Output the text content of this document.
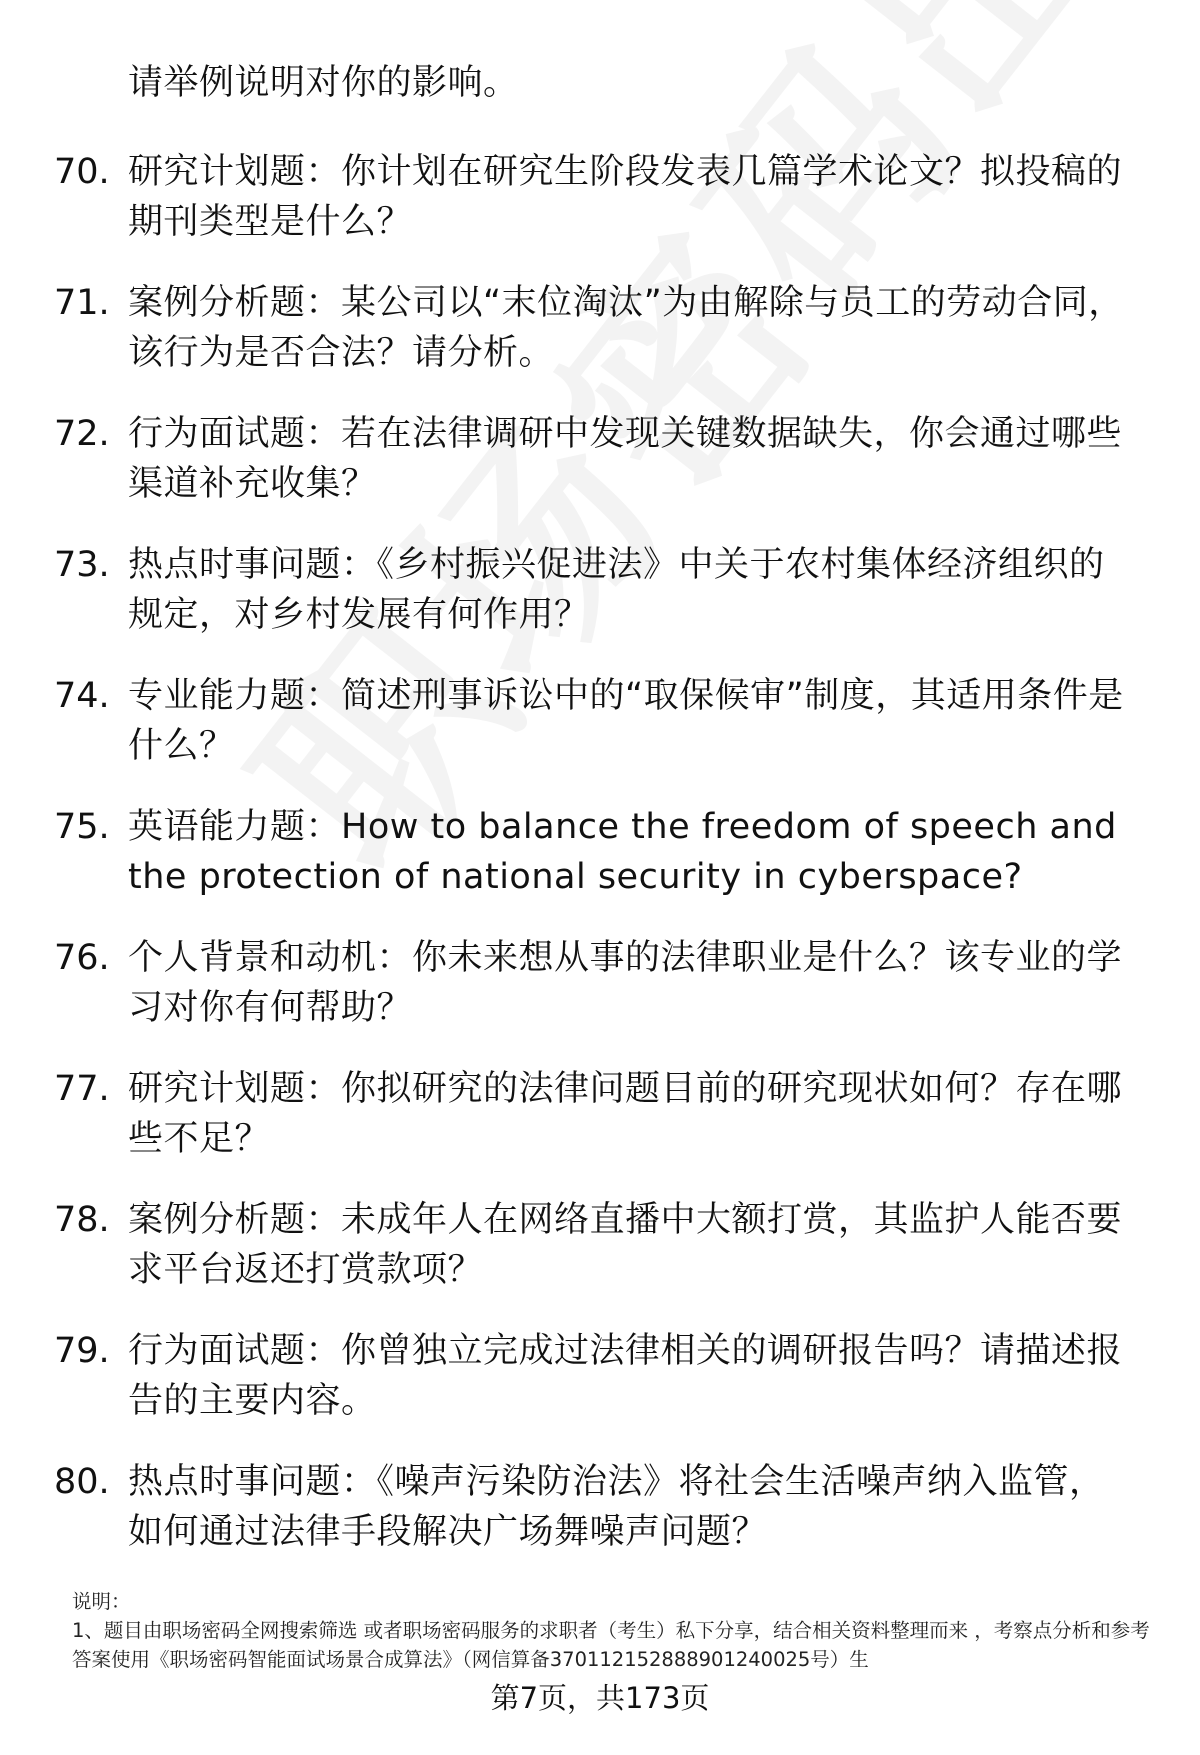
请举例说明对你的影响。
70. 研究计划题：你计划在研究生阶段发表几篇学术论文？拟投稿的期刊类型是什么？
71. 案例分析题：某公司以“末位淘汰”为由解除与员工的劳动合同，该行为是否合法？请分析。
72. 行为面试题：若在法律调研中发现关键数据缺失，你会通过哪些渠道补充收集？
73. 热点时事问题：《乡村振兴促进法》中关于农村集体经济组织的规定，对乡村发展有何作用？
74. 专业能力题：简述刑事诉讼中的“取保候审”制度，其适用条件是什么？
75. 英语能力题：How to balance the freedom of speech and the protection of national security in cyberspace?
76. 个人背景和动机：你未来想从事的法律职业是什么？该专业的学习对你有何帮助？
77. 研究计划题：你拟研究的法律问题目前的研究现状如何？存在哪些不足？
78. 案例分析题：未成年人在网络直播中大额打赏，其监护人能否要求平台返还打赏款项？
79. 行为面试题：你曾独立完成过法律相关的调研报告吗？请描述报告的主要内容。
80. 热点时事问题：《噪声污染防治法》将社会生活噪声纳入监管，如何通过法律手段解决广场舞噪声问题？
说明：
1、题目由职场密码全网搜索筛选 或者职场密码服务的求职者（考生）私下分享，结合相关资料整理而来 ，考察点分析和参考答案使用《职场密码智能面试场景合成算法》（网信算备37011215288890124​0025号）生
第7页，共173页
